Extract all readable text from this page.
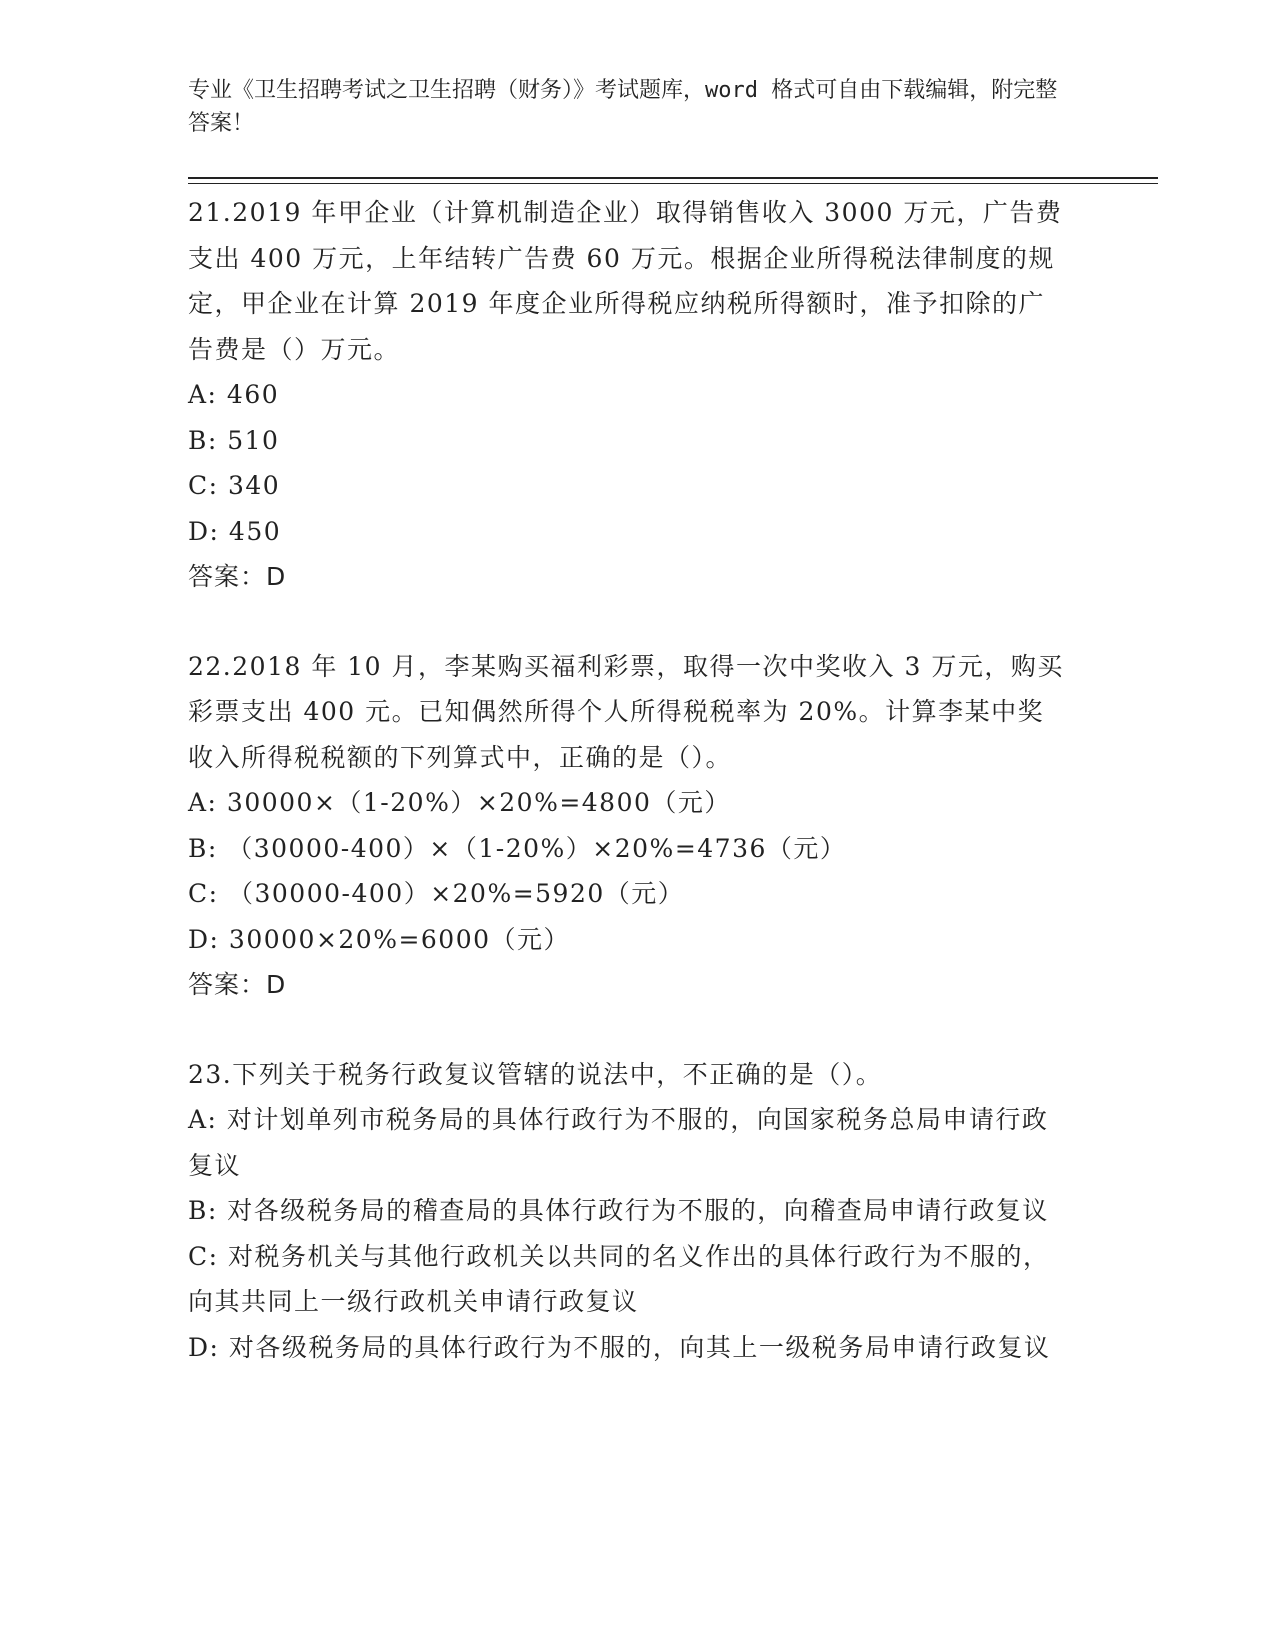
专业《卫生招聘考试之卫生招聘（财务）》考试题库，word 格式可自由下载编辑，附完整答案！

21.2019 年甲企业（计算机制造企业）取得销售收入 3000 万元，广告费支出 400 万元，上年结转广告费 60 万元。根据企业所得税法律制度的规定，甲企业在计算 2019 年度企业所得税应纳税所得额时，准予扣除的广告费是（）万元。

A: 460

B: 510

C: 340

D: 450

答案：D

22.2018 年 10 月，李某购买福利彩票，取得一次中奖收入 3 万元，购买彩票支出 400 元。已知偶然所得个人所得税税率为 20%。计算李某中奖收入所得税税额的下列算式中，正确的是（）。

A: 30000×（1-20%）×20%=4800（元）

B: （30000-400）×（1-20%）×20%=4736（元）

C: （30000-400）×20%=5920（元）

D: 30000×20%=6000（元）

答案：D

23.下列关于税务行政复议管辖的说法中，不正确的是（）。

A: 对计划单列市税务局的具体行政行为不服的，向国家税务总局申请行政复议

B: 对各级税务局的稽查局的具体行政行为不服的，向稽查局申请行政复议

C: 对税务机关与其他行政机关以共同的名义作出的具体行政行为不服的，向其共同上一级行政机关申请行政复议

D: 对各级税务局的具体行政行为不服的，向其上一级税务局申请行政复议
